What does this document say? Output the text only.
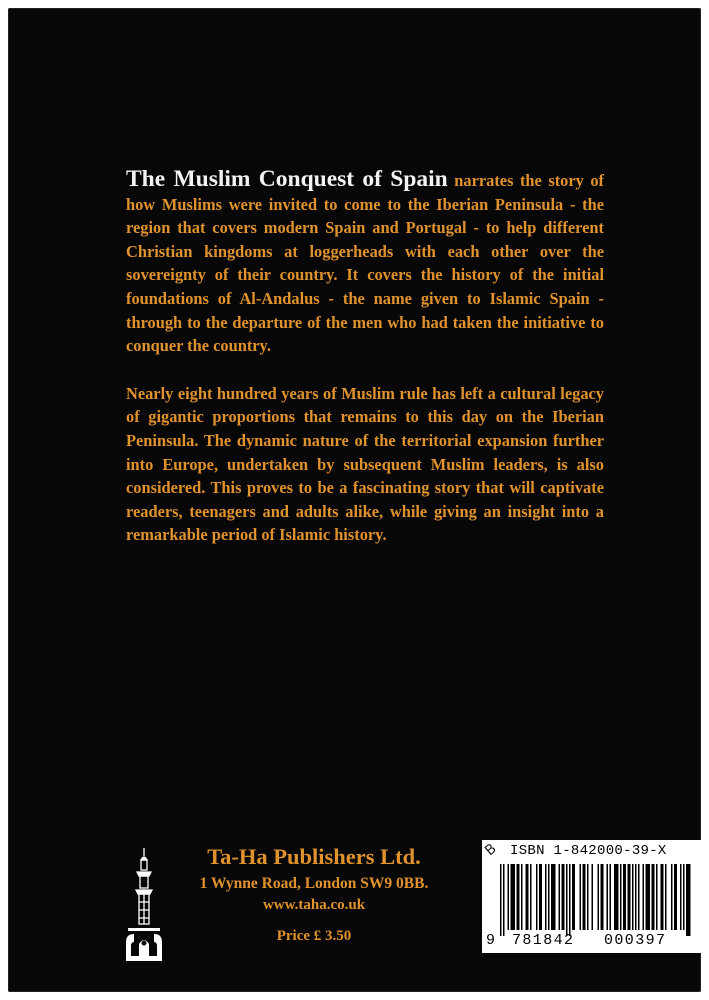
The Muslim Conquest of Spain narrates the story of how Muslims were invited to come to the Iberian Peninsula - the region that covers modern Spain and Portugal - to help different Christian kingdoms at loggerheads with each other over the sovereignty of their country. It covers the history of the initial foundations of Al-Andalus - the name given to Islamic Spain - through to the departure of the men who had taken the initiative to conquer the country.

Nearly eight hundred years of Muslim rule has left a cultural legacy of gigantic proportions that remains to this day on the Iberian Peninsula. The dynamic nature of the territorial expansion further into Europe, undertaken by subsequent Muslim leaders, is also considered. This proves to be a fascinating story that will captivate readers, teenagers and adults alike, while giving an insight into a remarkable period of Islamic history.

Ta-Ha Publishers Ltd.
1 Wynne Road, London SW9 0BB.
www.taha.co.uk
Price £ 3.50
B ISBN 1-842000-39-X
9 781842 000397
